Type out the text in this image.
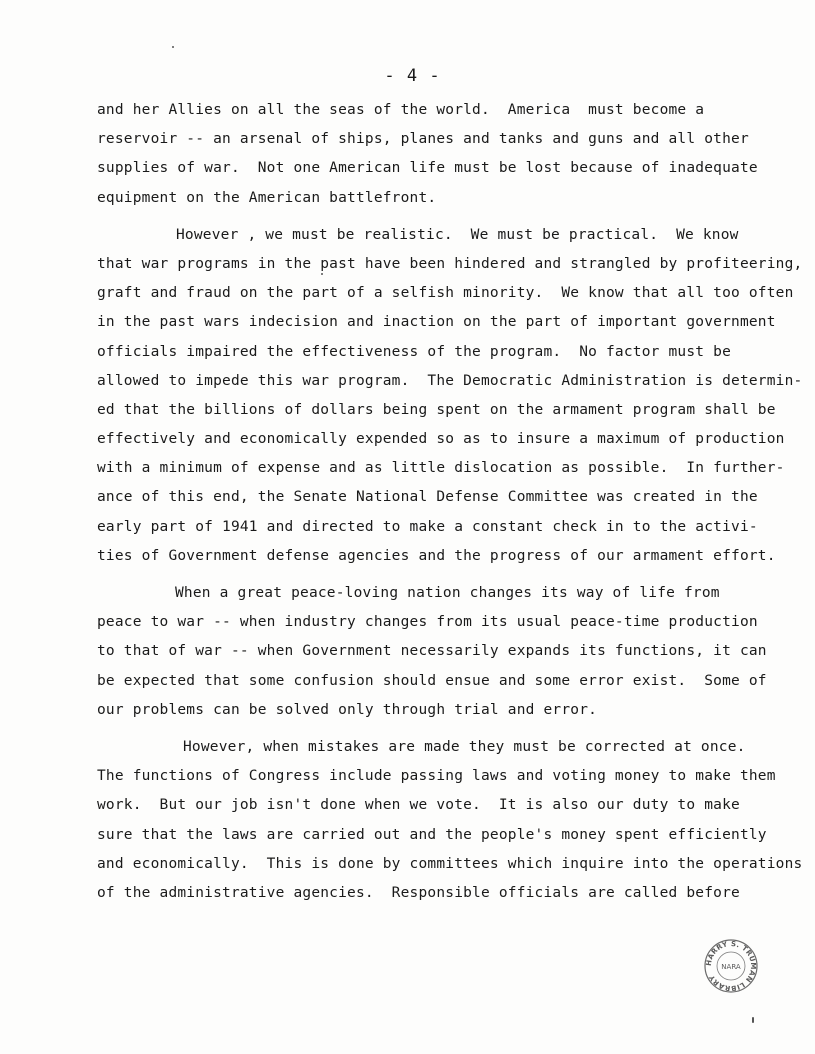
- 4 -
and her Allies on all the seas of the world.  America  must become a
reservoir -- an arsenal of ships, planes and tanks and guns and all other
supplies of war.  Not one American life must be lost because of inadequate
equipment on the American battlefront.
However , we must be realistic.  We must be practical.  We know
that war programs in the past have been hindered and strangled by profiteering,
graft and fraud on the part of a selfish minority.  We know that all too often
in the past wars indecision and inaction on the part of important government
officials impaired the effectiveness of the program.  No factor must be
allowed to impede this war program.  The Democratic Administration is determin-
ed that the billions of dollars being spent on the armament program shall be
effectively and economically expended so as to insure a maximum of production
with a minimum of expense and as little dislocation as possible.  In further-
ance of this end, the Senate National Defense Committee was created in the
early part of 1941 and directed to make a constant check in to the activi-
ties of Government defense agencies and the progress of our armament effort.
When a great peace-loving nation changes its way of life from
peace to war -- when industry changes from its usual peace-time production
to that of war -- when Government necessarily expands its functions, it can
be expected that some confusion should ensue and some error exist.  Some of
our problems can be solved only through trial and error.
However, when mistakes are made they must be corrected at once.
The functions of Congress include passing laws and voting money to make them
work.  But our job isn't done when we vote.  It is also our duty to make
sure that the laws are carried out and the people's money spent efficiently
and economically.  This is done by committees which inquire into the operations
of the administrative agencies.  Responsible officials are called before
HARRY S. TRUMAN LIBRARY
NARA
